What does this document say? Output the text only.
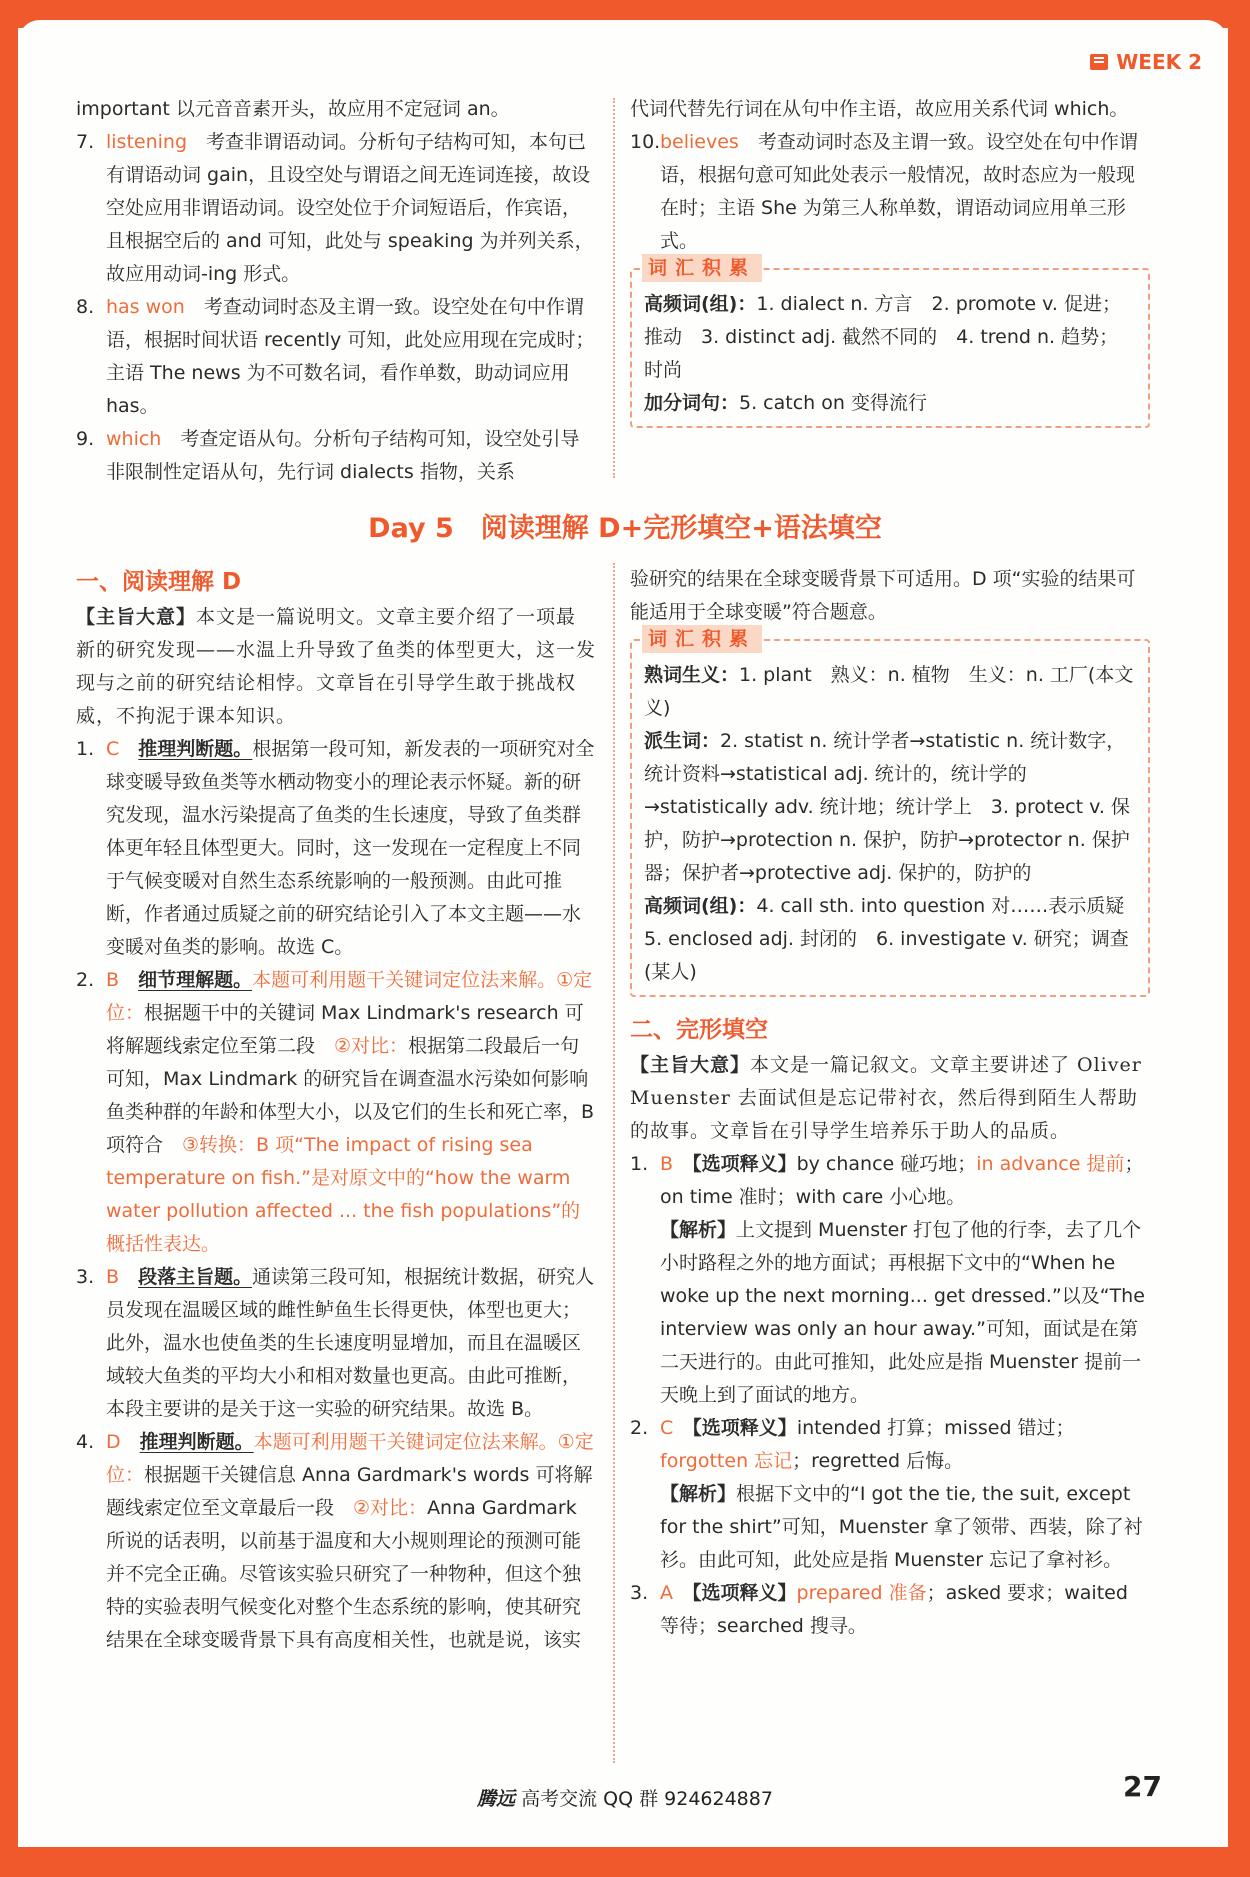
WEEK 2

important 以元音音素开头，故应用不定冠词 an。

7. listening　 考查非谓语动词。分析句子结构可知，本句已有谓语动词 gain，且设空处与谓语之间无连词连接，故设空处应用非谓语动词。设空处位于介词短语后，作宾语，且根据空后的 and 可知，此处与 speaking 为并列关系，故应用动词-ing 形式。

8. has won　 考查动词时态及主谓一致。设空处在句中作谓语，根据时间状语 recently 可知，此处应用现在完成时；主语 The news 为不可数名词，看作单数，助动词应用 has。

9. which　 考查定语从句。分析句子结构可知，设空处引导非限制性定语从句，先行词 dialects 指物，关系

代词代替先行词在从句中作主语，故应用关系代词 which。

10.believes　 考查动词时态及主谓一致。设空处在句中作谓语，根据句意可知此处表示一般情况，故时态应为一般现在时；主语 She 为第三人称单数，谓语动词应用单三形式。

词汇积累

高频词(组)：1. dialect n. 方言　2. promote v. 促进；推动　3. distinct adj. 截然不同的　4. trend n. 趋势；时尚

加分词句：5. catch on 变得流行

Day 5　阅读理解 D+完形填空+语法填空

一、阅读理解 D

【主旨大意】本文是一篇说明文。文章主要介绍了一项最新的研究发现——水温上升导致了鱼类的体型更大，这一发现与之前的研究结论相悖。文章旨在引导学生敢于挑战权威，不拘泥于课本知识。

1. C　 推理判断题。根据第一段可知，新发表的一项研究对全球变暖导致鱼类等水栖动物变小的理论表示怀疑。新的研究发现，温水污染提高了鱼类的生长速度，导致了鱼类群体更年轻且体型更大。同时，这一发现在一定程度上不同于气候变暖对自然生态系统影响的一般预测。由此可推断，作者通过质疑之前的研究结论引入了本文主题——水变暖对鱼类的影响。故选 C。

2. B　 细节理解题。本题可利用题干关键词定位法来解。①定位：根据题干中的关键词 Max Lindmark's research 可将解题线索定位至第二段　②对比：根据第二段最后一句可知，Max Lindmark 的研究旨在调查温水污染如何影响鱼类种群的年龄和体型大小，以及它们的生长和死亡率，B 项符合　③转换：B 项“The impact of rising sea temperature on fish.”是对原文中的“how the warm water pollution affected ... the fish populations”的概括性表达。

3. B　 段落主旨题。通读第三段可知，根据统计数据，研究人员发现在温暖区域的雌性鲈鱼生长得更快，体型也更大；此外，温水也使鱼类的生长速度明显增加，而且在温暖区域较大鱼类的平均大小和相对数量也更高。由此可推断，本段主要讲的是关于这一实验的研究结果。故选 B。

4. D　 推理判断题。本题可利用题干关键词定位法来解。①定位：根据题干关键信息 Anna Gardmark's words 可将解题线索定位至文章最后一段　②对比：Anna Gardmark 所说的话表明，以前基于温度和大小规则理论的预测可能并不完全正确。尽管该实验只研究了一种物种，但这个独特的实验表明气候变化对整个生态系统的影响，使其研究结果在全球变暖背景下具有高度相关性，也就是说，该实

验研究的结果在全球变暖背景下可适用。D 项“实验的结果可能适用于全球变暖”符合题意。

词汇积累

熟词生义：1. plant　熟义：n. 植物　生义：n. 工厂(本文义)

派生词：2. statist n. 统计学者→statistic n. 统计数字，统计资料→statistical adj. 统计的，统计学的→statistically adv. 统计地；统计学上　3. protect v. 保护，防护→protection n. 保护，防护→protector n. 保护器；保护者→protective adj. 保护的，防护的

高频词(组)：4. call sth. into question 对……表示质疑　5. enclosed adj. 封闭的　6. investigate v. 研究；调查(某人)

二、完形填空

【主旨大意】本文是一篇记叙文。文章主要讲述了 Oliver Muenster 去面试但是忘记带衬衣，然后得到陌生人帮助的故事。文章旨在引导学生培养乐于助人的品质。

1. B　 【选项释义】by chance 碰巧地；in advance 提前；on time 准时；with care 小心地。
【解析】上文提到 Muenster 打包了他的行李，去了几个小时路程之外的地方面试；再根据下文中的“When he woke up the next morning... get dressed.”以及“The interview was only an hour away.”可知，面试是在第二天进行的。由此可推知，此处应是指 Muenster 提前一天晚上到了面试的地方。

2. C　 【选项释义】intended 打算；missed 错过；forgotten 忘记；regretted 后悔。
【解析】根据下文中的“I got the tie, the suit, except for the shirt”可知，Muenster 拿了领带、西装，除了衬衫。由此可知，此处应是指 Muenster 忘记了拿衬衫。

3. A　 【选项释义】prepared 准备；asked 要求；waited 等待；searched 搜寻。

腾远 高考交流 QQ 群 924624887	27
